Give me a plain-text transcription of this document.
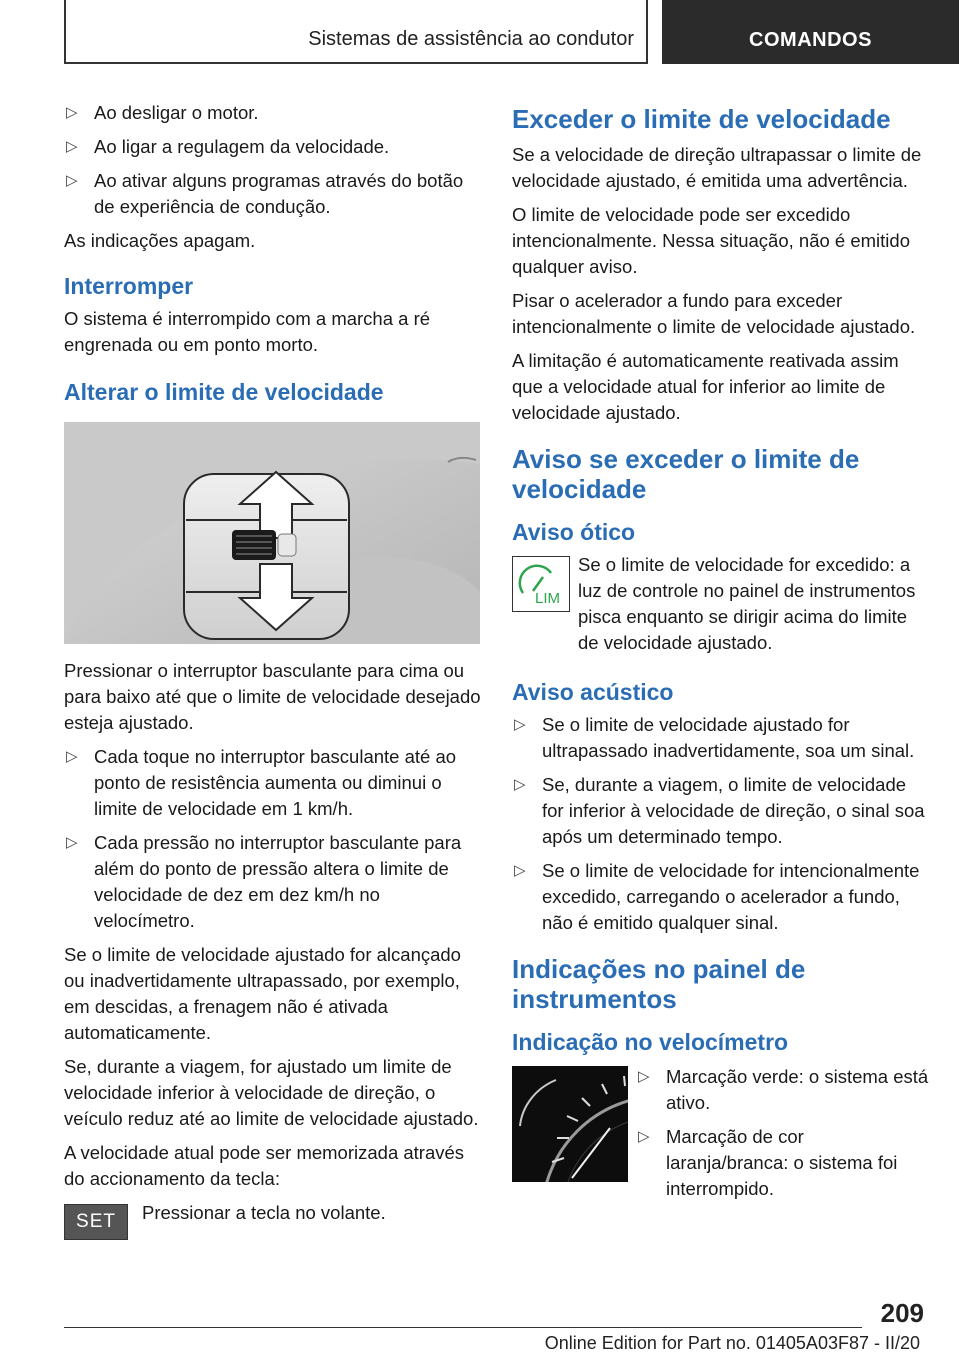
Sistemas de assistência ao condutor	COMANDOS
▷ Ao desligar o motor.
▷ Ao ligar a regulagem da velocidade.
▷ Ao ativar alguns programas através do botão de experiência de condução.

As indicações apagam.

Interromper

O sistema é interrompido com a marcha a ré engrenada ou em ponto morto.

Alterar o limite de velocidade

Pressionar o interruptor basculante para cima ou para baixo até que o limite de velocidade desejado esteja ajustado.

▷ Cada toque no interruptor basculante até ao ponto de resistência aumenta ou diminui o limite de velocidade em 1 km/h.
▷ Cada pressão no interruptor basculante para além do ponto de pressão altera o limite de velocidade de dez em dez km/h no velocímetro.

Se o limite de velocidade ajustado for alcançado ou inadvertidamente ultrapassado, por exemplo, em descidas, a frenagem não é ativada automaticamente.

Se, durante a viagem, for ajustado um limite de velocidade inferior à velocidade de direção, o veículo reduz até ao limite de velocidade ajustado.

A velocidade atual pode ser memorizada através do accionamento da tecla:

SET	Pressionar a tecla no volante.

Exceder o limite de velocidade

Se a velocidade de direção ultrapassar o limite de velocidade ajustado, é emitida uma advertência.

O limite de velocidade pode ser excedido intencionalmente. Nessa situação, não é emitido qualquer aviso.

Pisar o acelerador a fundo para exceder intencionalmente o limite de velocidade ajustado.

A limitação é automaticamente reativada assim que a velocidade atual for inferior ao limite de velocidade ajustado.

Aviso se exceder o limite de velocidade
Aviso ótico
LIM

Se o limite de velocidade for excedido: a luz de controle no painel de instrumentos pisca enquanto se dirigir acima do limite de velocidade ajustado.

Aviso acústico
▷ Se o limite de velocidade ajustado for ultrapassado inadvertidamente, soa um sinal.
▷ Se, durante a viagem, o limite de velocidade for inferior à velocidade de direção, o sinal soa após um determinado tempo.
▷ Se o limite de velocidade for intencionalmente excedido, carregando o acelerador a fundo, não é emitido qualquer sinal.
Indicações no painel de instrumentos
Indicação no velocímetro
▷ Marcação verde: o sistema está ativo.
▷ Marcação de cor laranja/branca: o sistema foi interrompido.
209
Online Edition for Part no. 01405A03F87 - II/20
